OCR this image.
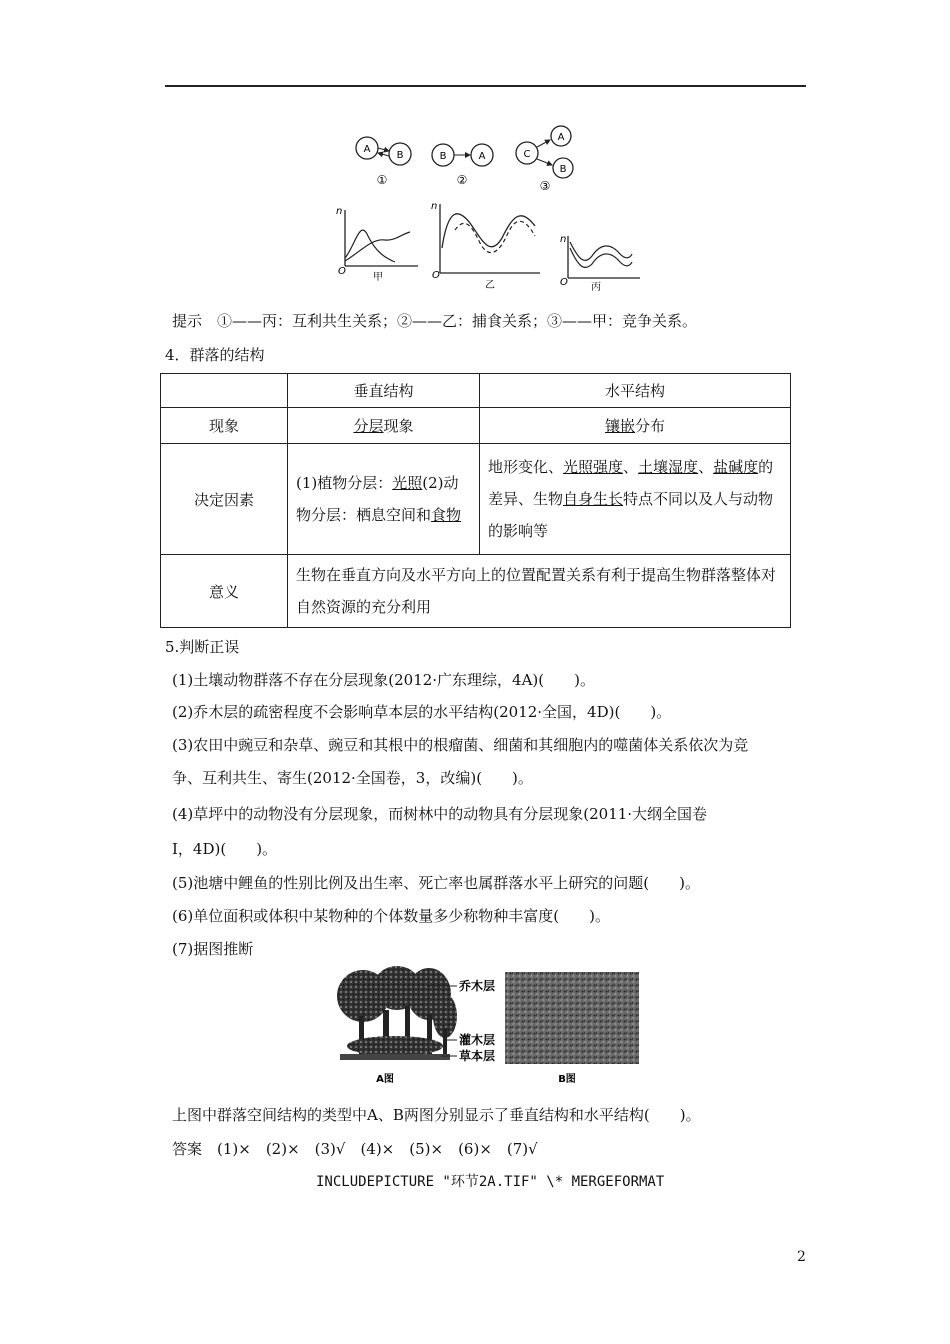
A
B
①
B	A
②
C
A
B
③
n
O
甲
n
O
乙
n
O 丙
提示　①——丙：互利共生关系；②——乙：捕食关系；③——甲：竞争关系。
4．群落的结构
	垂直结构	水平结构
现象	分层现象	镶嵌分布
决定因素	(1)植物分层：光照(2)动物分层：栖息空间和食物	地形变化、光照强度、土壤湿度、盐碱度的差异、生物自身生长特点不同以及人与动物的影响等
意义	生物在垂直方向及水平方向上的位置配置关系有利于提高生物群落整体对自然资源的充分利用	
5.判断正误
(1)土壤动物群落不存在分层现象(2012·广东理综，4A)(　　)。
(2)乔木层的疏密程度不会影响草本层的水平结构(2012·全国，4D)(　　)。
(3)农田中豌豆和杂草、豌豆和其根中的根瘤菌、细菌和其细胞内的噬菌体关系依次为竞
争、互利共生、寄生(2012·全国卷，3，改编)(　　)。
(4)草坪中的动物没有分层现象，而树林中的动物具有分层现象(2011·大纲全国卷
Ⅰ，4D)(　　)。
(5)池塘中鲤鱼的性别比例及出生率、死亡率也属群落水平上研究的问题(　　)。
(6)单位面积或体积中某物种的个体数量多少称物种丰富度(　　)。
(7)据图推断
乔木层
灌木层
草本层
A图	B图
上图中群落空间结构的类型中A、B两图分别显示了垂直结构和水平结构(　　)。
答案　(1)×　(2)×　(3)√　(4)×　(5)×　(6)×　(7)√
INCLUDEPICTURE "环节2A.TIF" \* MERGEFORMAT
2
